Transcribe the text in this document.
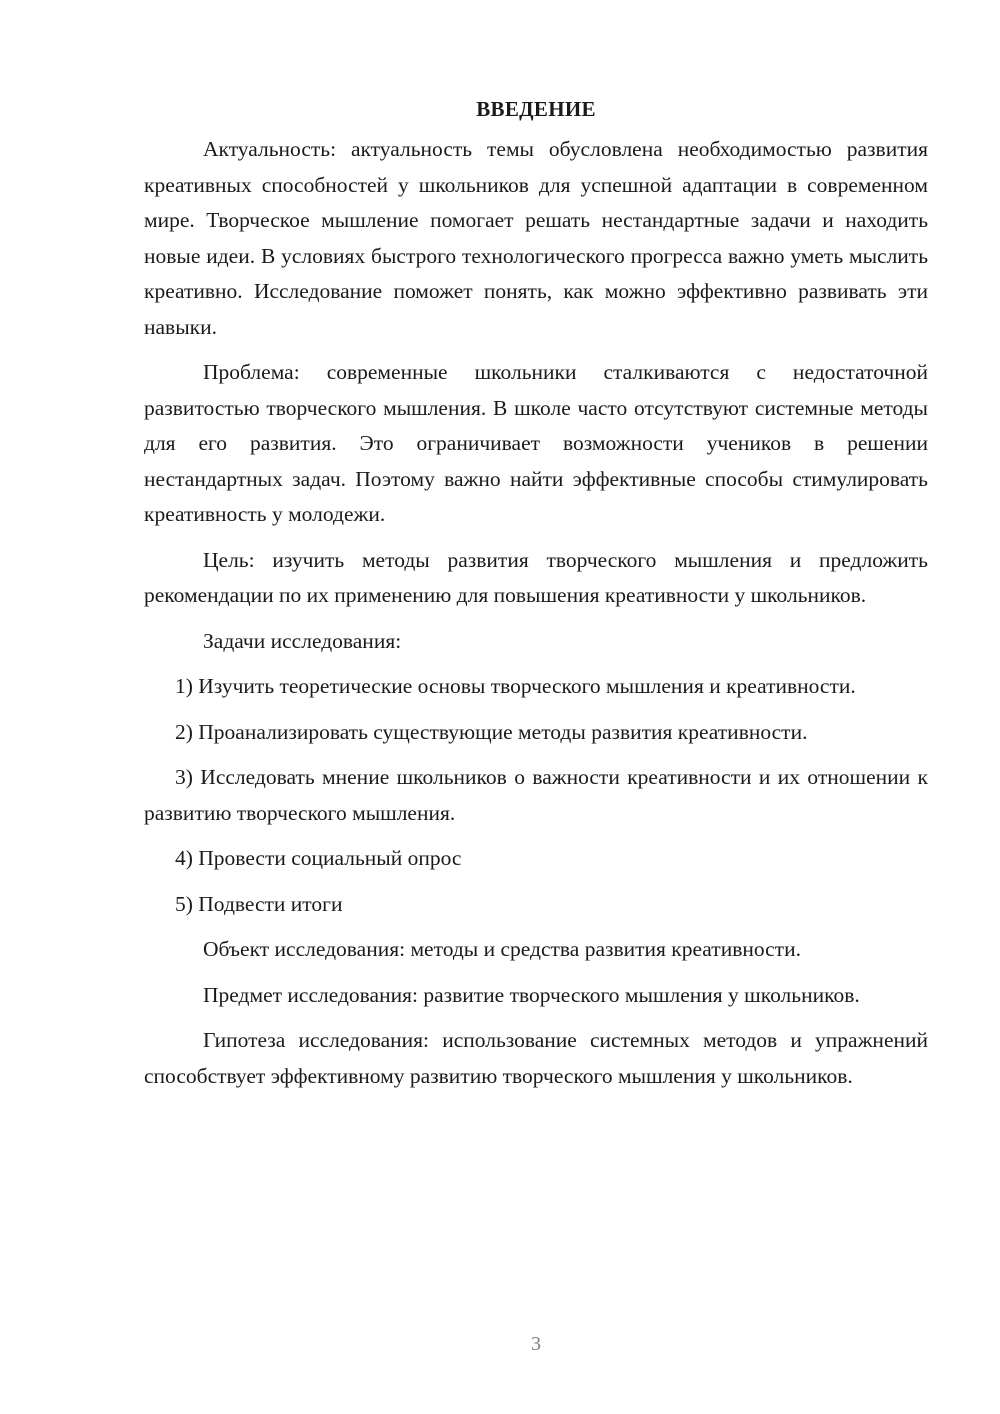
ВВЕДЕНИЕ

Актуальность: актуальность темы обусловлена необходимостью развития креативных способностей у школьников для успешной адаптации в современном мире. Творческое мышление помогает решать нестандартные задачи и находить новые идеи. В условиях быстрого технологического прогресса важно уметь мыслить креативно. Исследование поможет понять, как можно эффективно развивать эти навыки.

Проблема: современные школьники сталкиваются с недостаточной развитостью творческого мышления. В школе часто отсутствуют системные методы для его развития. Это ограничивает возможности учеников в решении нестандартных задач. Поэтому важно найти эффективные способы стимулировать креативность у молодежи.

Цель: изучить методы развития творческого мышления и предложить рекомендации по их применению для повышения креативности у школьников.

Задачи исследования:

1) Изучить теоретические основы творческого мышления и креативности.

2) Проанализировать существующие методы развития креативности.

3) Исследовать мнение школьников о важности креативности и их отношении к развитию творческого мышления.

4) Провести социальный опрос

5) Подвести итоги

Объект исследования: методы и средства развития креативности.

Предмет исследования: развитие творческого мышления у школьников.

Гипотеза исследования: использование системных методов и упражнений способствует эффективному развитию творческого мышления у школьников.

3
